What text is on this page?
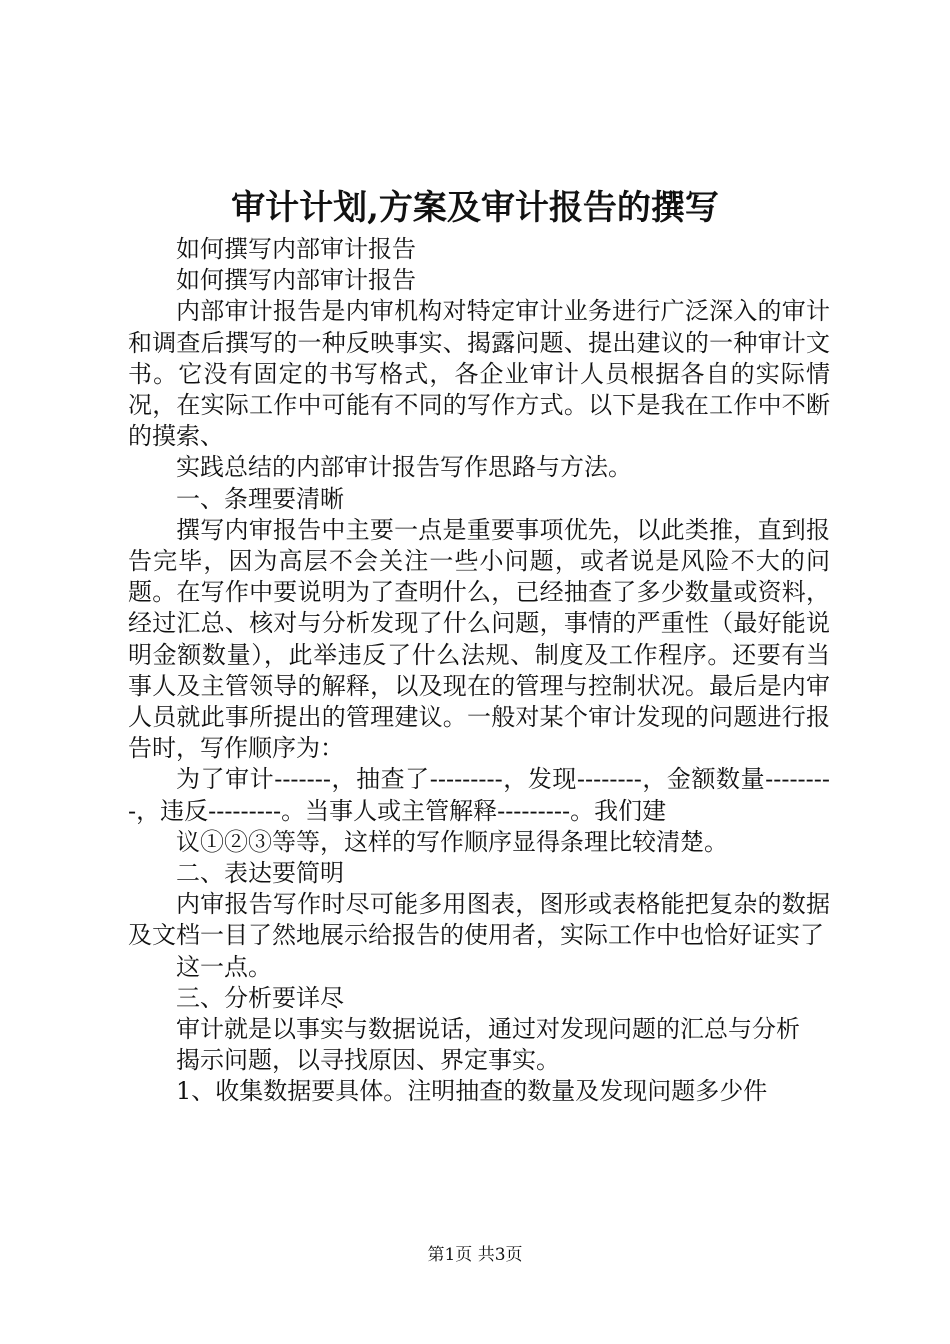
审计计划,方案及审计报告的撰写

如何撰写内部审计报告

如何撰写内部审计报告

内部审计报告是内审机构对特定审计业务进行广泛深入的审计和调查后撰写的一种反映事实、揭露问题、提出建议的一种审计文书。它没有固定的书写格式，各企业审计人员根据各自的实际情况，在实际工作中可能有不同的写作方式。以下是我在工作中不断的摸索、

实践总结的内部审计报告写作思路与方法。

一、条理要清晰

撰写内审报告中主要一点是重要事项优先，以此类推，直到报告完毕，因为高层不会关注一些小问题，或者说是风险不大的问题。在写作中要说明为了查明什么，已经抽查了多少数量或资料，经过汇总、核对与分析发现了什么问题，事情的严重性（最好能说明金额数量），此举违反了什么法规、制度及工作程序。还要有当事人及主管领导的解释，以及现在的管理与控制状况。最后是内审人员就此事所提出的管理建议。一般对某个审计发现的问题进行报告时，写作顺序为：

为了审计-------，抽查了---------，发现--------，金额数量---------，违反---------。当事人或主管解释---------。我们建

议①②③等等，这样的写作顺序显得条理比较清楚。

二、表达要简明

内审报告写作时尽可能多用图表，图形或表格能把复杂的数据及文档一目了然地展示给报告的使用者，实际工作中也恰好证实了

这一点。

三、分析要详尽

审计就是以事实与数据说话，通过对发现问题的汇总与分析

揭示问题，以寻找原因、界定事实。

1、收集数据要具体。注明抽查的数量及发现问题多少件

第1页 共3页
